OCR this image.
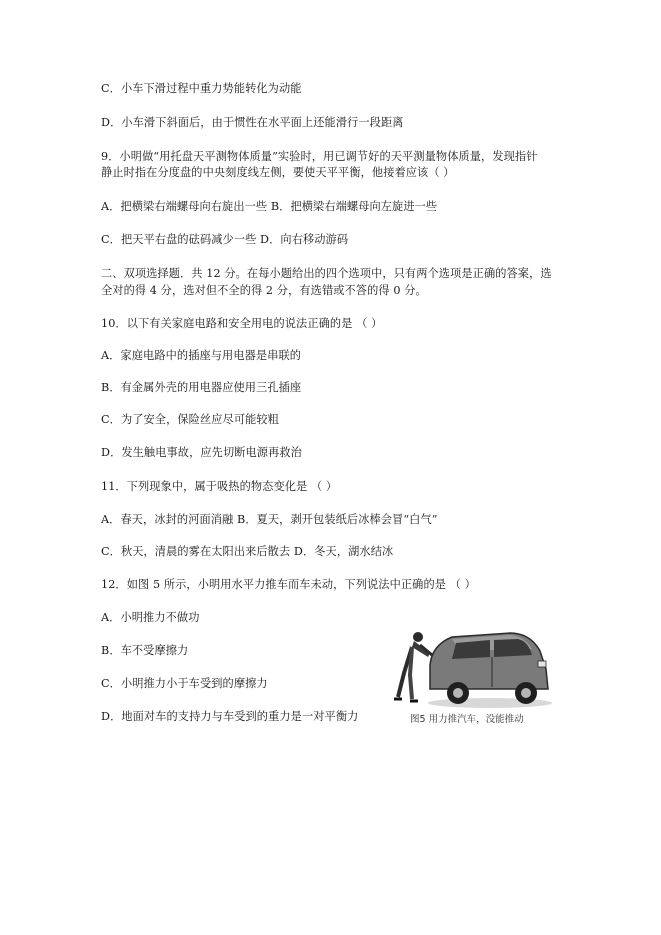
C．小车下滑过程中重力势能转化为动能
D．小车滑下斜面后，由于惯性在水平面上还能滑行一段距离
9．小明做“用托盘天平测物体质量”实验时，用已调节好的天平测量物体质量，发现指针
静止时指在分度盘的中央刻度线左侧，要使天平平衡，他接着应该（ ）
A．把横梁右端螺母向右旋出一些 B．把横梁右端螺母向左旋进一些
C．把天平右盘的砝码减少一些 D．向右移动游码
二、双项选择题．共 12 分。在每小题给出的四个选项中，只有两个选项是正确的答案，选
全对的得 4 分，选对但不全的得 2 分，有选错或不答的得 0 分。
10．以下有关家庭电路和安全用电的说法正确的是 （ ）
A．家庭电路中的插座与用电器是串联的
B．有金属外壳的用电器应使用三孔插座
C．为了安全，保险丝应尽可能较粗
D．发生触电事故，应先切断电源再救治
11．下列现象中，属于吸热的物态变化是 （ ）
A．春天，冰封的河面消融 B．夏天，剥开包装纸后冰棒会冒“白气”
C．秋天，清晨的雾在太阳出来后散去 D．冬天，湖水结冰
12．如图 5 所示，小明用水平力推车而车未动，下列说法中正确的是 （ ）
A．小明推力不做功
B．车不受摩擦力
C．小明推力小于车受到的摩擦力
D．地面对车的支持力与车受到的重力是一对平衡力	图5 用力推汽车，没能推动
